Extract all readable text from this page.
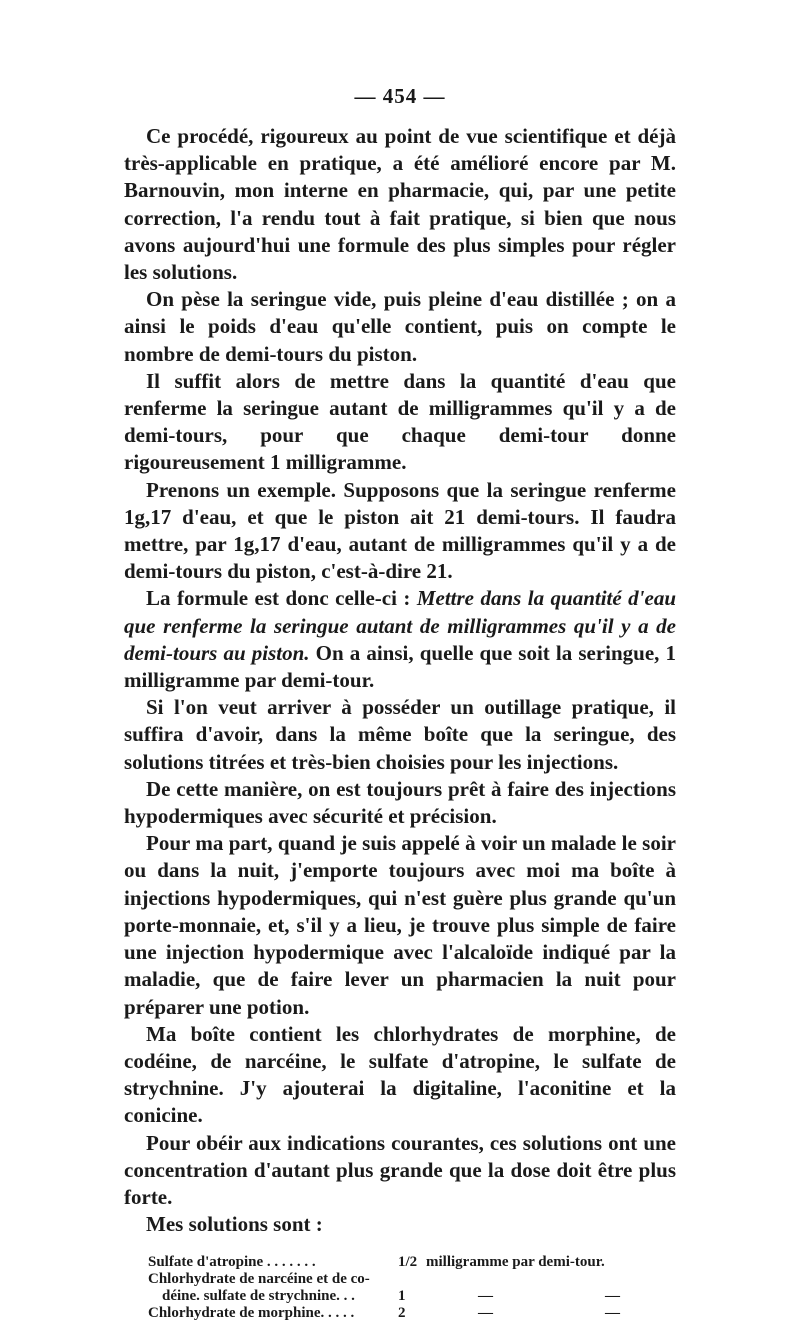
— 454 —

Ce procédé, rigoureux au point de vue scientifique et déjà très-applicable en pratique, a été amélioré encore par M. Barnouvin, mon interne en pharmacie, qui, par une petite correction, l'a rendu tout à fait pratique, si bien que nous avons aujourd'hui une formule des plus simples pour régler les solutions.

On pèse la seringue vide, puis pleine d'eau distillée ; on a ainsi le poids d'eau qu'elle contient, puis on compte le nombre de demi-tours du piston.

Il suffit alors de mettre dans la quantité d'eau que renferme la seringue autant de milligrammes qu'il y a de demi-tours, pour que chaque demi-tour donne rigoureusement 1 milligramme.

Prenons un exemple. Supposons que la seringue renferme 1g,17 d'eau, et que le piston ait 21 demi-tours. Il faudra mettre, par 1g,17 d'eau, autant de milligrammes qu'il y a de demi-tours du piston, c'est-à-dire 21.

La formule est donc celle-ci : Mettre dans la quantité d'eau que renferme la seringue autant de milligrammes qu'il y a de demi-tours au piston. On a ainsi, quelle que soit la seringue, 1 milligramme par demi-tour.

Si l'on veut arriver à posséder un outillage pratique, il suffira d'avoir, dans la même boîte que la seringue, des solutions titrées et très-bien choisies pour les injections.

De cette manière, on est toujours prêt à faire des injections hypodermiques avec sécurité et précision.

Pour ma part, quand je suis appelé à voir un malade le soir ou dans la nuit, j'emporte toujours avec moi ma boîte à injections hypodermiques, qui n'est guère plus grande qu'un porte-monnaie, et, s'il y a lieu, je trouve plus simple de faire une injection hypodermique avec l'alcaloïde indiqué par la maladie, que de faire lever un pharmacien la nuit pour préparer une potion.

Ma boîte contient les chlorhydrates de morphine, de codéine, de narcéine, le sulfate d'atropine, le sulfate de strychnine. J'y ajouterai la digitaline, l'aconitine et la conicine.

Pour obéir aux indications courantes, ces solutions ont une concentration d'autant plus grande que la dose doit être plus forte.

Mes solutions sont :

Sulfate d'atropine . . . . . . .	1/2 milligramme par demi-tour.
Chlorhydrate de narcéine et de co-
déine. sulfate de strychnine. . .	1	—	—
Chlorhydrate de morphine. . . . .	2	—	—
